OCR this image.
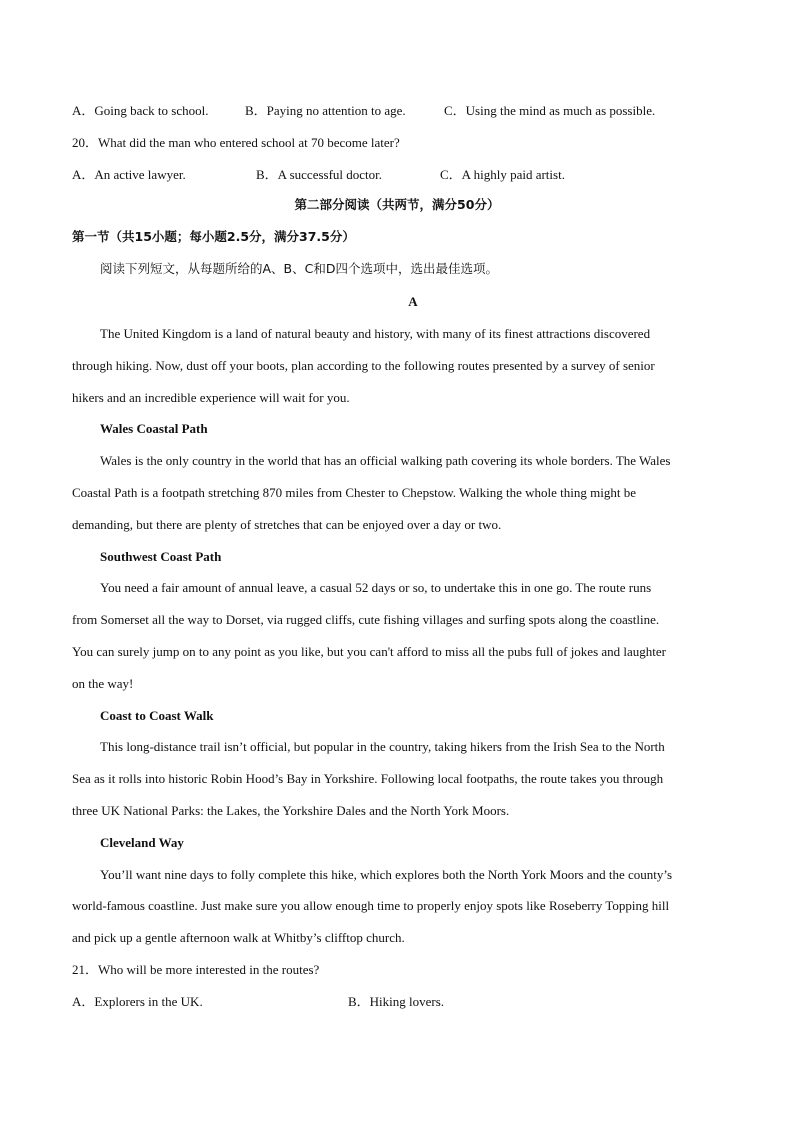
A．Going back to school.	B．Paying no attention to age.	C．Using the mind as much as possible.
20．What did the man who entered school at 70 become later?
A．An active lawyer.	B．A successful doctor.	C．A highly paid artist.
第二部分阅读（共两节，满分50分）
第一节（共15小题；每小题2.5分，满分37.5分）
阅读下列短文，从每题所给的A、B、C和D四个选项中，选出最佳选项。
A
The United Kingdom is a land of natural beauty and history, with many of its finest attractions discovered
through hiking. Now, dust off your boots, plan according to the following routes presented by a survey of senior
hikers and an incredible experience will wait for you.
Wales Coastal Path
Wales is the only country in the world that has an official walking path covering its whole borders. The Wales
Coastal Path is a footpath stretching 870 miles from Chester to Chepstow. Walking the whole thing might be
demanding, but there are plenty of stretches that can be enjoyed over a day or two.
Southwest Coast Path
You need a fair amount of annual leave, a casual 52 days or so, to undertake this in one go. The route runs
from Somerset all the way to Dorset, via rugged cliffs, cute fishing villages and surfing spots along the coastline.
You can surely jump on to any point as you like, but you can't afford to miss all the pubs full of jokes and laughter
on the way!
Coast to Coast Walk
This long-distance trail isn’t official, but popular in the country, taking hikers from the Irish Sea to the North
Sea as it rolls into historic Robin Hood’s Bay in Yorkshire. Following local footpaths, the route takes you through
three UK National Parks: the Lakes, the Yorkshire Dales and the North York Moors.
Cleveland Way
You’ll want nine days to folly complete this hike, which explores both the North York Moors and the county’s
world-famous coastline. Just make sure you allow enough time to properly enjoy spots like Roseberry Topping hill
and pick up a gentle afternoon walk at Whitby’s clifftop church.
21．Who will be more interested in the routes?
A．Explorers in the UK.	B．Hiking lovers.
